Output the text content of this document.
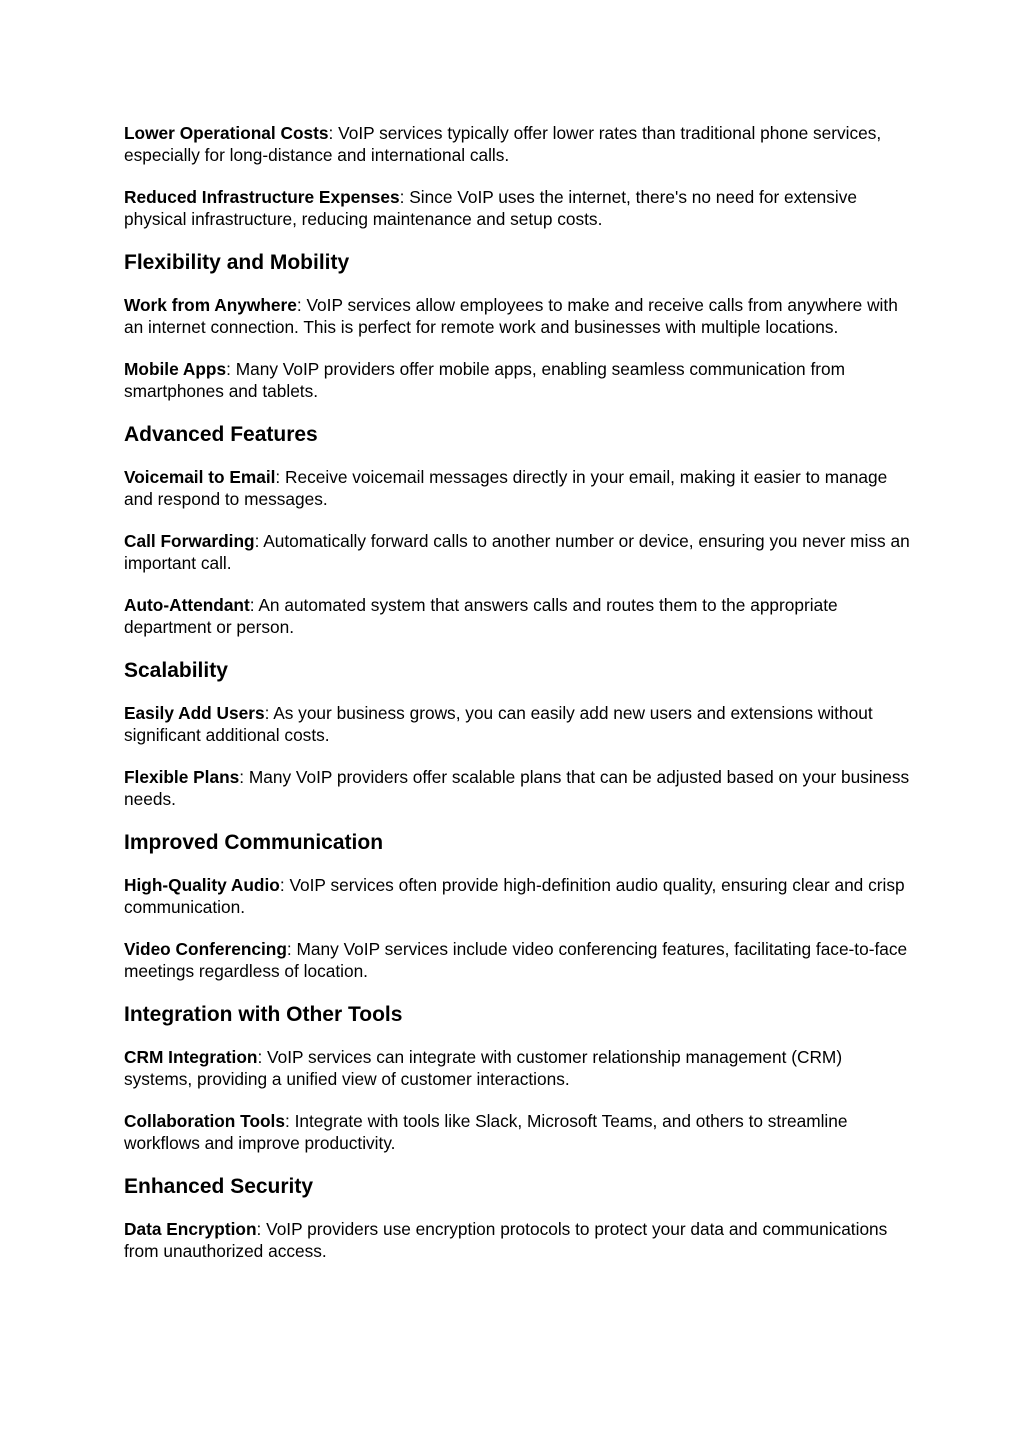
Lower Operational Costs: VoIP services typically offer lower rates than traditional phone services, especially for long-distance and international calls.

Reduced Infrastructure Expenses: Since VoIP uses the internet, there's no need for extensive physical infrastructure, reducing maintenance and setup costs.

Flexibility and Mobility

Work from Anywhere: VoIP services allow employees to make and receive calls from anywhere with an internet connection. This is perfect for remote work and businesses with multiple locations.

Mobile Apps: Many VoIP providers offer mobile apps, enabling seamless communication from smartphones and tablets.

Advanced Features

Voicemail to Email: Receive voicemail messages directly in your email, making it easier to manage and respond to messages.

Call Forwarding: Automatically forward calls to another number or device, ensuring you never miss an important call.

Auto-Attendant: An automated system that answers calls and routes them to the appropriate department or person.

Scalability

Easily Add Users: As your business grows, you can easily add new users and extensions without significant additional costs.

Flexible Plans: Many VoIP providers offer scalable plans that can be adjusted based on your business needs.

Improved Communication

High-Quality Audio: VoIP services often provide high-definition audio quality, ensuring clear and crisp communication.

Video Conferencing: Many VoIP services include video conferencing features, facilitating face-to-face meetings regardless of location.

Integration with Other Tools

CRM Integration: VoIP services can integrate with customer relationship management (CRM) systems, providing a unified view of customer interactions.

Collaboration Tools: Integrate with tools like Slack, Microsoft Teams, and others to streamline workflows and improve productivity.

Enhanced Security

Data Encryption: VoIP providers use encryption protocols to protect your data and communications from unauthorized access.
